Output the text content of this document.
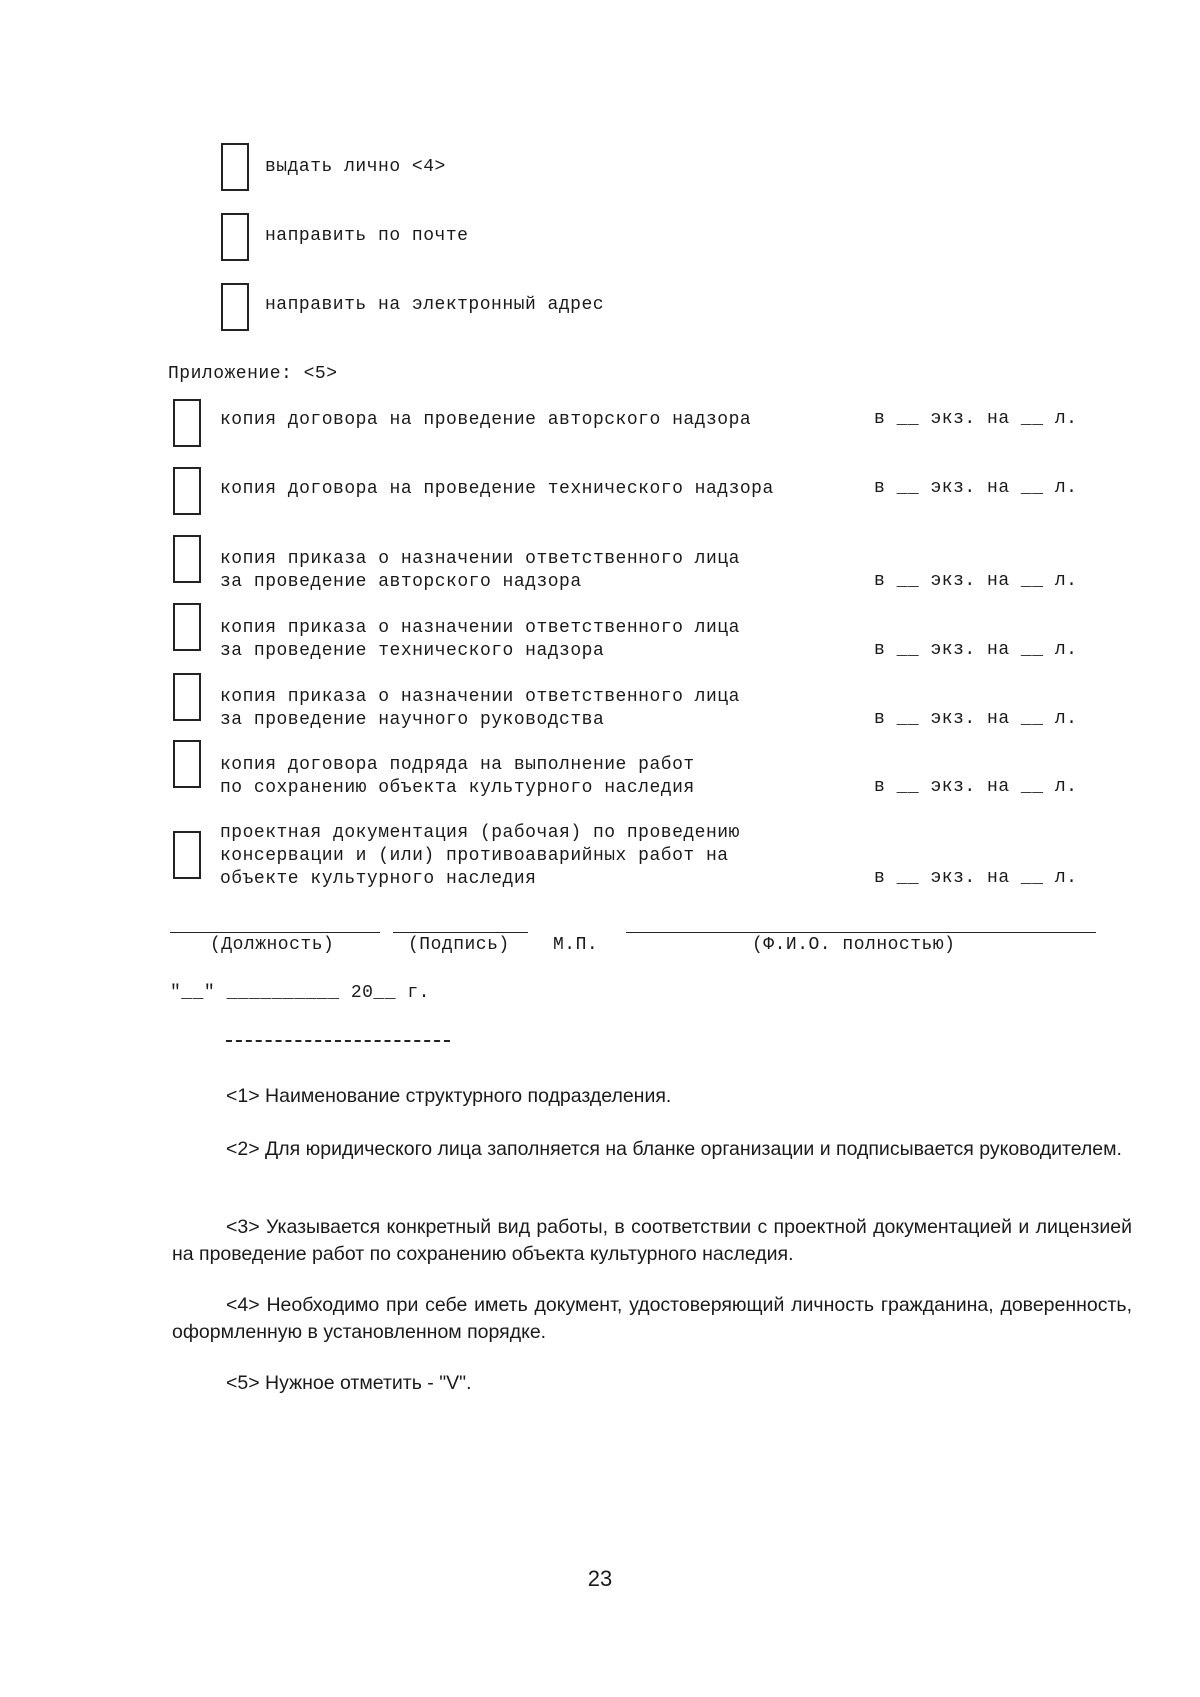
выдать лично <4>
направить по почте
направить на электронный адрес
Приложение: <5>
копия договора на проведение авторского надзора	в __ экз. на __ л.
копия договора на проведение технического надзора	в __ экз. на __ л.
копия приказа о назначении ответственного лица
за проведение авторского надзора	в __ экз. на __ л.
копия приказа о назначении ответственного лица
за проведение технического надзора	в __ экз. на __ л.
копия приказа о назначении ответственного лица
за проведение научного руководства	в __ экз. на __ л.
копия договора подряда на выполнение работ
по сохранению объекта культурного наследия	в __ экз. на __ л.
проектная документация (рабочая) по проведению
консервации и (или) противоаварийных работ на
объекте культурного наследия	в __ экз. на __ л.
(Должность)	(Подпись) М.П.	(Ф.И.О. полностью)
"__" __________ 20__ г.
<1> Наименование структурного подразделения.
<2> Для юридического лица заполняется на бланке организации и подписывается руководителем.
<3> Указывается конкретный вид работы, в соответствии с проектной документацией и лицензией на проведение работ по сохранению объекта культурного наследия.
<4> Необходимо при себе иметь документ, удостоверяющий личность гражданина, доверенность, оформленную в установленном порядке.
<5> Нужное отметить - "V".
23
